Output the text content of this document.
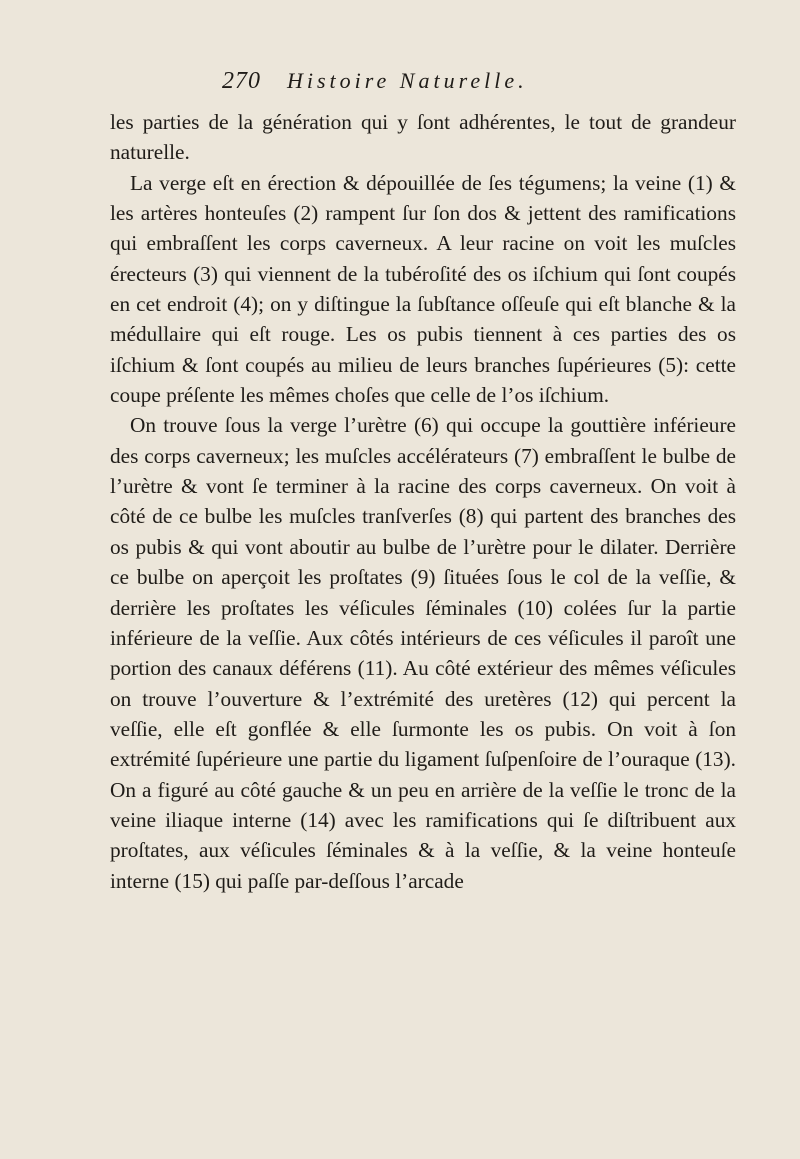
270 Histoire Naturelle.

les parties de la génération qui y ſont adhérentes, le tout de grandeur naturelle.

La verge eſt en érection & dépouillée de ſes tégumens; la veine (1) & les artères honteuſes (2) rampent ſur ſon dos & jettent des ramifications qui embraſſent les corps caverneux. A leur racine on voit les muſcles érecteurs (3) qui viennent de la tubéroſité des os iſchium qui ſont coupés en cet endroit (4); on y diſtingue la ſubſtance oſſeuſe qui eſt blanche & la médullaire qui eſt rouge. Les os pubis tiennent à ces parties des os iſchium & ſont coupés au milieu de leurs branches ſupérieures (5): cette coupe préſente les mêmes choſes que celle de l’os iſchium.

On trouve ſous la verge l’urètre (6) qui occupe la gouttière inférieure des corps caverneux; les muſcles accélérateurs (7) embraſſent le bulbe de l’urètre & vont ſe terminer à la racine des corps caverneux. On voit à côté de ce bulbe les muſcles tranſverſes (8) qui partent des branches des os pubis & qui vont aboutir au bulbe de l’urètre pour le dilater. Derrière ce bulbe on aperçoit les proſtates (9) ſituées ſous le col de la veſſie, & derrière les proſtates les véſicules ſéminales (10) colées ſur la partie inférieure de la veſſie. Aux côtés intérieurs de ces véſicules il paroît une portion des canaux déférens (11). Au côté extérieur des mêmes véſicules on trouve l’ouverture & l’extrémité des uretères (12) qui percent la veſſie, elle eſt gonflée & elle ſurmonte les os pubis. On voit à ſon extrémité ſupérieure une partie du ligament ſuſpenſoire de l’ouraque (13). On a figuré au côté gauche & un peu en arrière de la veſſie le tronc de la veine iliaque interne (14) avec les ramifications qui ſe diſtribuent aux proſtates, aux véſicules ſéminales & à la veſſie, & la veine honteuſe interne (15) qui paſſe par-deſſous l’arcade
